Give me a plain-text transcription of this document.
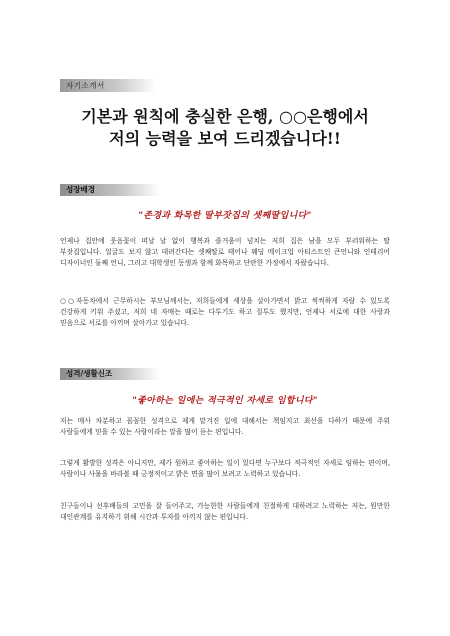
자기소개서
기본과 원칙에 충실한 은행, ○○은행에서
저의 능력을 보여 드리겠습니다!!
성장배경
"존경과 화목한 딸부잣집의 셋째딸입니다"

언제나 집안에 웃음꽃이 떠날 날 없이 행복과 즐거움이 넘치는 저희 집은 남을 모두 부러워하는 딸 부잣집입니다. 얼굴도 보지 않고 데려간다는 셋째딸로 태어나 웨딩 메이크업 아티스트인 큰언니와 인테리어 디자이너인 둘째 언니, 그리고 대학생인 동생과 함께 화목하고 단란한 가정에서 자랐습니다.

○○자동차에서 근무하시는 부모님께서는, 저희들에게 세상을 살아가면서 밝고 씩씩하게 자랄 수 있도록 건강하게 키워 주셨고, 저희 네 자매는 때로는 다투기도 하고 질투도 했지만, 언제나 서로에 대한 사랑과 믿음으로 서로를 아끼며 살아가고 있습니다.

성격/생활신조
"좋아하는 일에는 적극적인 자세로 임합니다"

저는 매사 차분하고 꼼꼼한 성격으로 제게 맡겨진 일에 대해서는 책임지고 최선을 다하기 때문에 주위 사람들에게 믿을 수 있는 사람이라는 말을 많이 듣는 편입니다.

그렇게 활발한 성격은 아니지만, 제가 원하고 좋아하는 일이 있다면 누구보다 적극적인 자세로 임하는 편이며, 사람이나 사물을 바라볼 때 긍정적이고 밝은 면을 많이 보려고 노력하고 있습니다.

친구들이나 선후배들의 고민을 잘 들어주고, 가능한한 사람들에게 친절하게 대하려고 노력하는 저는, 원만한 대인관계를 유지하기 위해 시간과 투자를 아끼지 않는 편입니다.
